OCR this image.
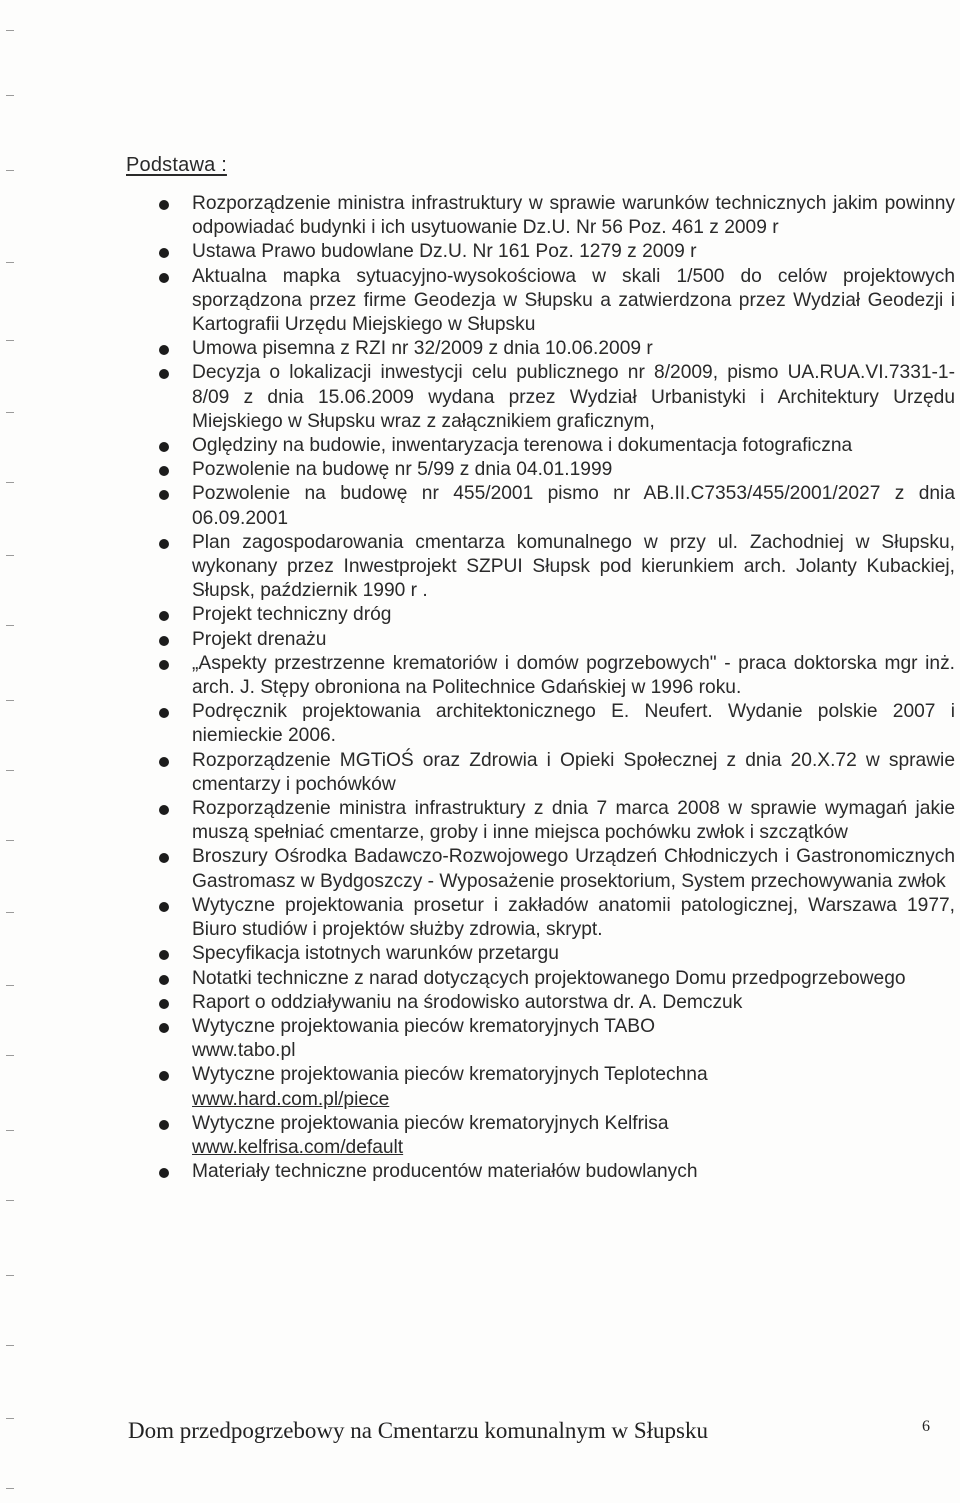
Podstawa :
Rozporządzenie ministra infrastruktury w sprawie warunków technicznych jakim powinny odpowiadać budynki i ich usytuowanie Dz.U. Nr 56 Poz. 461 z 2009 r
Ustawa Prawo budowlane Dz.U. Nr 161 Poz. 1279 z 2009 r
Aktualna mapka sytuacyjno-wysokościowa w skali 1/500 do celów projektowych sporządzona przez firme Geodezja w Słupsku a zatwierdzona przez Wydział Geodezji i Kartografii Urzędu Miejskiego w Słupsku
Umowa pisemna z RZI nr 32/2009 z dnia 10.06.2009 r
Decyzja o lokalizacji inwestycji celu publicznego nr 8/2009, pismo UA.RUA.VI.7331-1-8/09 z dnia 15.06.2009 wydana przez Wydział Urbanistyki i Architektury Urzędu Miejskiego w Słupsku wraz z załącznikiem graficznym,
Oględziny na budowie, inwentaryzacja terenowa i dokumentacja fotograficzna
Pozwolenie na budowę nr 5/99 z dnia 04.01.1999
Pozwolenie na budowę nr 455/2001 pismo nr AB.II.C7353/455/2001/2027 z dnia 06.09.2001
Plan zagospodarowania cmentarza komunalnego w przy ul. Zachodniej w Słupsku, wykonany przez Inwestprojekt SZPUI Słupsk pod kierunkiem arch. Jolanty Kubackiej, Słupsk, październik 1990 r .
Projekt techniczny dróg
Projekt drenażu
„Aspekty przestrzenne krematoriów i domów pogrzebowych" - praca doktorska mgr inż. arch. J. Stępy obroniona na Politechnice Gdańskiej w 1996 roku.
Podręcznik projektowania architektonicznego E. Neufert. Wydanie polskie 2007 i niemieckie 2006.
Rozporządzenie MGTiOŚ oraz Zdrowia i Opieki Społecznej z dnia 20.X.72 w sprawie cmentarzy i pochówków
Rozporządzenie ministra infrastruktury z dnia 7 marca 2008 w sprawie wymagań jakie muszą spełniać cmentarze, groby i inne miejsca pochówku zwłok i szczątków
Broszury Ośrodka Badawczo-Rozwojowego Urządzeń Chłodniczych i Gastronomicznych Gastromasz w Bydgoszczy - Wyposażenie prosektorium, System przechowywania zwłok
Wytyczne projektowania prosetur i zakładów anatomii patologicznej, Warszawa 1977, Biuro studiów i projektów służby zdrowia, skrypt.
Specyfikacja istotnych warunków przetargu
Notatki techniczne z narad dotyczących projektowanego Domu przedpogrzebowego
Raport o oddziaływaniu na środowisko autorstwa dr. A. Demczuk
Wytyczne projektowania pieców krematoryjnych TABO
www.tabo.pl
Wytyczne projektowania pieców krematoryjnych Teplotechna
www.hard.com.pl/piece
Wytyczne projektowania pieców krematoryjnych Kelfrisa
www.kelfrisa.com/default
Materiały techniczne producentów materiałów budowlanych
Dom przedpogrzebowy na Cmentarzu komunalnym w Słupsku	6
